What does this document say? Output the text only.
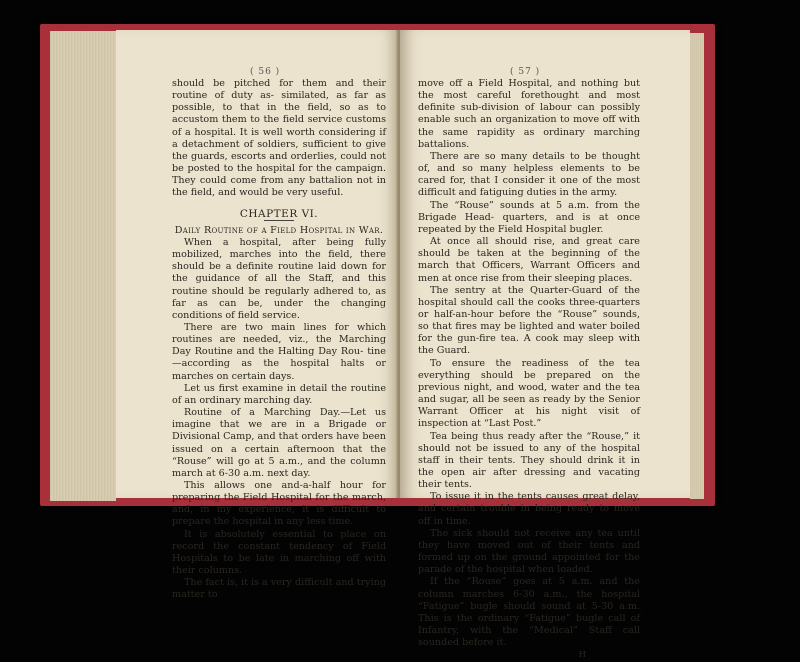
( 56 )

should be pitched for them and their routine of duty as- similated, as far as possible, to that in the field, so as to accustom them to the field service customs of a hospital. It is well worth considering if a detachment of soldiers, sufficient to give the guards, escorts and orderlies, could not be posted to the hospital for the campaign. They could come from any battalion not in the field, and would be very useful.

CHAPTER VI.

Daily Routine of a Field Hospital in War.

When a hospital, after being fully mobilized, marches into the field, there should be a definite routine laid down for the guidance of all the Staff, and this routine should be regularly adhered to, as far as can be, under the changing conditions of field service.

There are two main lines for which routines are needed, viz., the Marching Day Routine and the Halting Day Rou- tine—according as the hospital halts or marches on certain days.

Let us first examine in detail the routine of an ordinary marching day.

Routine of a Marching Day.—Let us imagine that we are in a Brigade or Divisional Camp, and that orders have been issued on a certain afternoon that the “Rouse” will go at 5 a.m., and the column march at 6-30 a.m. next day.

This allows one and-a-half hour for preparing the Field Hospital for the march, and, in my experience, it is difficult to prepare the hospital in any less time.

It is absolutely essential to place on record the constant tendency of Field Hospitals to be late in marching off with their columns.

The fact is, it is a very difficult and trying matter to

( 57 )

move off a Field Hospital, and nothing but the most careful forethought and most definite sub-division of labour can possibly enable such an organization to move off with the same rapidity as ordinary marching battalions.

There are so many details to be thought of, and so many helpless elements to be cared for, that I consider it one of the most difficult and fatiguing duties in the army.

The “Rouse” sounds at 5 a.m. from the Brigade Head- quarters, and is at once repeated by the Field Hospital bugler.

At once all should rise, and great care should be taken at the beginning of the march that Officers, Warrant Officers and men at once rise from their sleeping places.

The sentry at the Quarter-Guard of the hospital should call the cooks three-quarters or half-an-hour before the “Rouse” sounds, so that fires may be lighted and water boiled for the gun-fire tea. A cook may sleep with the Guard.

To ensure the readiness of the tea everything should be prepared on the previous night, and wood, water and the tea and sugar, all be seen as ready by the Senior Warrant Officer at his night visit of inspection at “Last Post.”

Tea being thus ready after the “Rouse,” it should not be issued to any of the hospital staff in their tents. They should drink it in the open air after dressing and vacating their tents.

To issue it in the tents causes great delay, and certain trouble in being ready to move off in time.

The sick should not receive any tea until they have moved out of their tents and formed up on the ground appointed for the parade of the hospital when loaded.

If the “Rouse” goes at 5 a.m. and the column marches 6-30 a.m., the hospital “Fatigue” bugle should sound at 5-30 a.m. This is the ordinary “Fatigue” bugle call of Infantry, with the “Medical” Staff call sounded before it.

H
